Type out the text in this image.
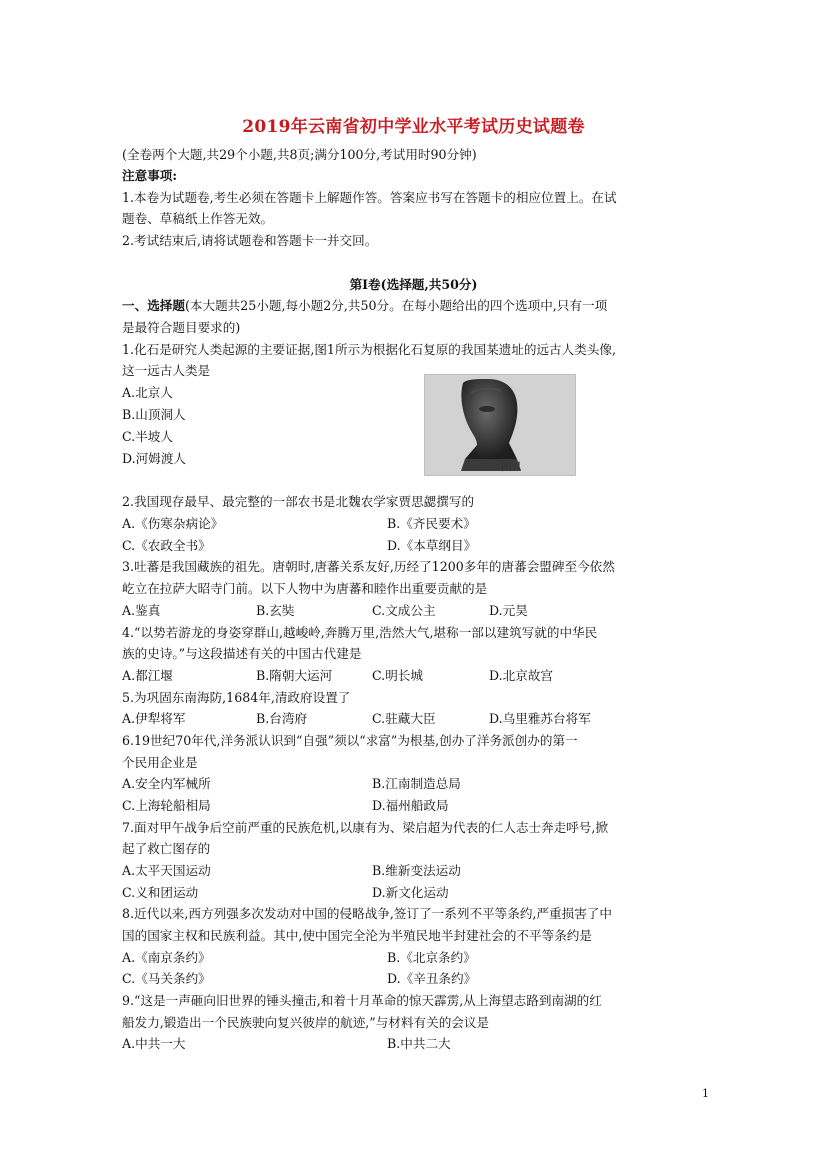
2019年云南省初中学业水平考试历史试题卷
(全卷两个大题,共29个小题,共8页;满分100分,考试用时90分钟)
注意事项:
1.本卷为试题卷,考生必须在答题卡上解题作答。答案应书写在答题卡的相应位置上。在试
题卷、草稿纸上作答无效。
2.考试结束后,请将试题卷和答题卡一并交回。
第Ⅰ卷(选择题,共50分)
一、选择题(本大题共25小题,每小题2分,共50分。在每小题给出的四个选项中,只有一项
是最符合题目要求的)
1.化石是研究人类起源的主要证据,图1所示为根据化石复原的我国某遗址的远古人类头像,
这一远古人类是
A.北京人
B.山顶洞人
C.半坡人
D.河姆渡人
图 1
2.我国现存最早、最完整的一部农书是北魏农学家贾思勰撰写的
A.《伤寒杂病论》	B.《齐民要术》
C.《农政全书》	D.《本草纲目》
3.吐蕃是我国藏族的祖先。唐朝时,唐蕃关系友好,历经了1200多年的唐蕃会盟碑至今依然
屹立在拉萨大昭寺门前。以下人物中为唐蕃和睦作出重要贡献的是
A.鉴真	B.玄奘	C.文成公主	D.元昊
4.“以势若游龙的身姿穿群山,越峻岭,奔腾万里,浩然大气,堪称一部以建筑写就的中华民
族的史诗。”与这段描述有关的中国古代建是
A.都江堰	B.隋朝大运河	C.明长城	D.北京故宫
5.为巩固东南海防,1684年,清政府设置了
A.伊犁将军	B.台湾府	C.驻藏大臣	D.乌里雅苏台将军
6.19世纪70年代,洋务派认识到“自强”须以“求富”为根基,创办了洋务派创办的第一
个民用企业是
A.安全内军械所	B.江南制造总局
C.上海轮船相局	D.福州船政局
7.面对甲午战争后空前严重的民族危机,以康有为、梁启超为代表的仁人志士奔走呼号,掀
起了救亡图存的
A.太平天国运动	B.维新变法运动
C.义和团运动	D.新文化运动
8.近代以来,西方列强多次发动对中国的侵略战争,签订了一系列不平等条约,严重损害了中
国的国家主权和民族利益。其中,使中国完全沦为半殖民地半封建社会的不平等条约是
A.《南京条约》	B.《北京条约》
C.《马关条约》	D.《辛丑条约》
9.“这是一声砸向旧世界的锤头撞击,和着十月革命的惊天霹雳,从上海望志路到南湖的红
船发力,锻造出一个民族驶向复兴彼岸的航迹,”与材料有关的会议是
A.中共一大	B.中共二大
1
